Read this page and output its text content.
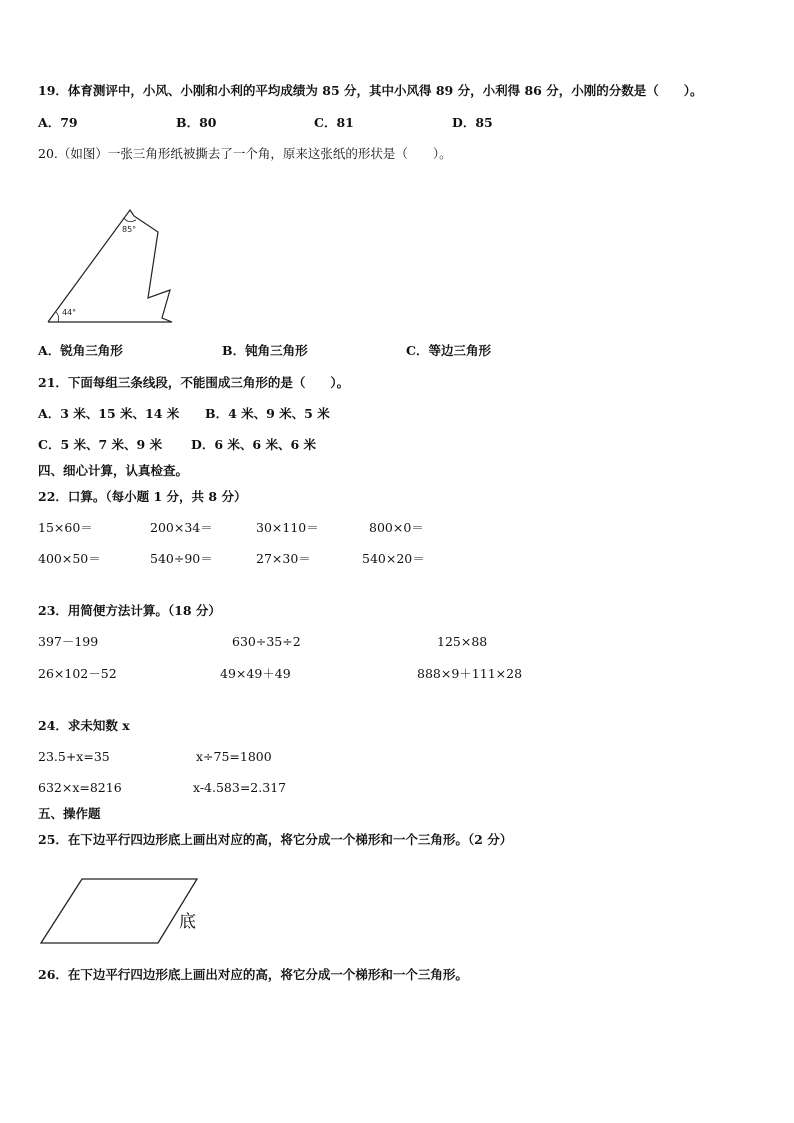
19．体育测评中，小风、小刚和小利的平均成绩为 85 分，其中小风得 89 分，小利得 86 分，小刚的分数是（　　）。
A．79	B．80	C．81	D．85
20.（如图）一张三角形纸被撕去了一个角，原来这张纸的形状是（　　）。
85°
44°
A．锐角三角形	B．钝角三角形	C．等边三角形
21．下面每组三条线段，不能围成三角形的是（　　）。
A．3 米、15 米、14 米 B．4 米、9 米、5 米
C．5 米、7 米、9 米 D．6 米、6 米、6 米
四、细心计算，认真检查。
22．口算。（每小题 1 分，共 8 分）
15×60＝	200×34＝	30×110＝	800×0＝
400×50＝	540÷90＝	27×30＝	540×20＝
23．用简便方法计算。（18 分）
397－199	630÷35÷2	125×88
26×102－52	49×49＋49	888×9＋111×28
24．求未知数 x
23.5+x=35	x÷75=1800
632×x=8216	x-4.583=2.317
五、操作题
25．在下边平行四边形底上画出对应的高，将它分成一个梯形和一个三角形。（2 分）
底
26．在下边平行四边形底上画出对应的高，将它分成一个梯形和一个三角形。
